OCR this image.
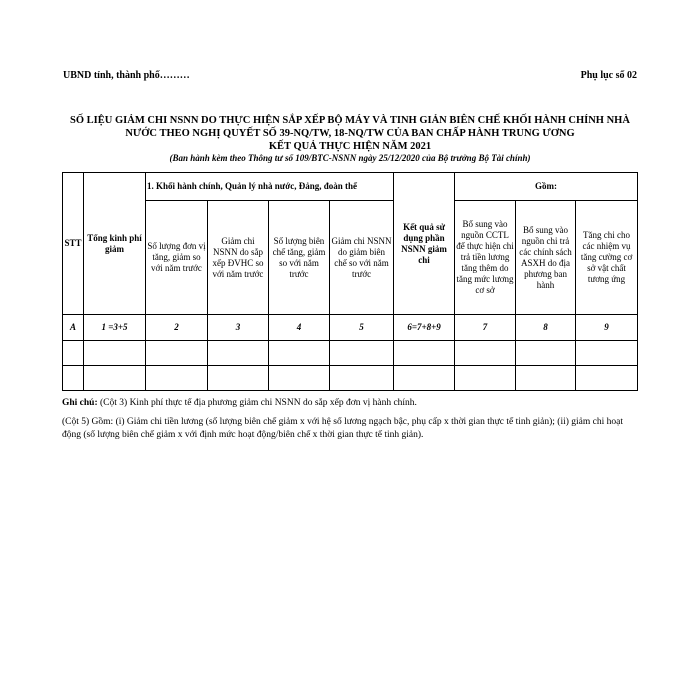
UBND tỉnh, thành phố………	Phụ lục số 02
SỐ LIỆU GIẢM CHI NSNN DO THỰC HIỆN SẮP XẾP BỘ MÁY VÀ TINH GIẢN BIÊN CHẾ KHỐI HÀNH CHÍNH NHÀ
NƯỚC THEO NGHỊ QUYẾT SỐ 39-NQ/TW, 18-NQ/TW CỦA BAN CHẤP HÀNH TRUNG ƯƠNG
KẾT QUẢ THỰC HIỆN NĂM 2021
(Ban hành kèm theo Thông tư số 109/BTC-NSNN ngày 25/12/2020 của Bộ trưởng Bộ Tài chính)
STT	Tổng kinh phí giảm	1. Khối hành chính, Quản lý nhà nước, Đảng, đoàn thể				Kết quả sử dụng phần NSNN giảm chi	Gồm:		
		Số lượng đơn vị tăng, giảm so với năm trước	Giảm chi NSNN do sắp xếp ĐVHC so với năm trước	Số lượng biên chế tăng, giảm so với năm trước	Giảm chi NSNN do giảm biên chế so với năm trước		Bổ sung vào nguồn CCTL để thực hiện chi trả tiền lương tăng thêm do tăng mức lương cơ sở	Bổ sung vào nguồn chi trả các chính sách ASXH do địa phương ban hành	Tăng chi cho các nhiệm vụ tăng cường cơ sở vật chất tương ứng
A	1 =3+5	2	3	4	5	6=7+8+9	7	8	9

Ghi chú: (Cột 3) Kinh phí thực tế địa phương giảm chi NSNN do sắp xếp đơn vị hành chính.

(Cột 5) Gồm: (i) Giảm chi tiền lương (số lượng biên chế giảm x với hệ số lương ngạch bậc, phụ cấp x thời gian thực tế tinh giản); (ii) giảm chi hoạt động (số lượng biên chế giảm x với định mức hoạt động/biên chế x thời gian thực tế tinh giản).
